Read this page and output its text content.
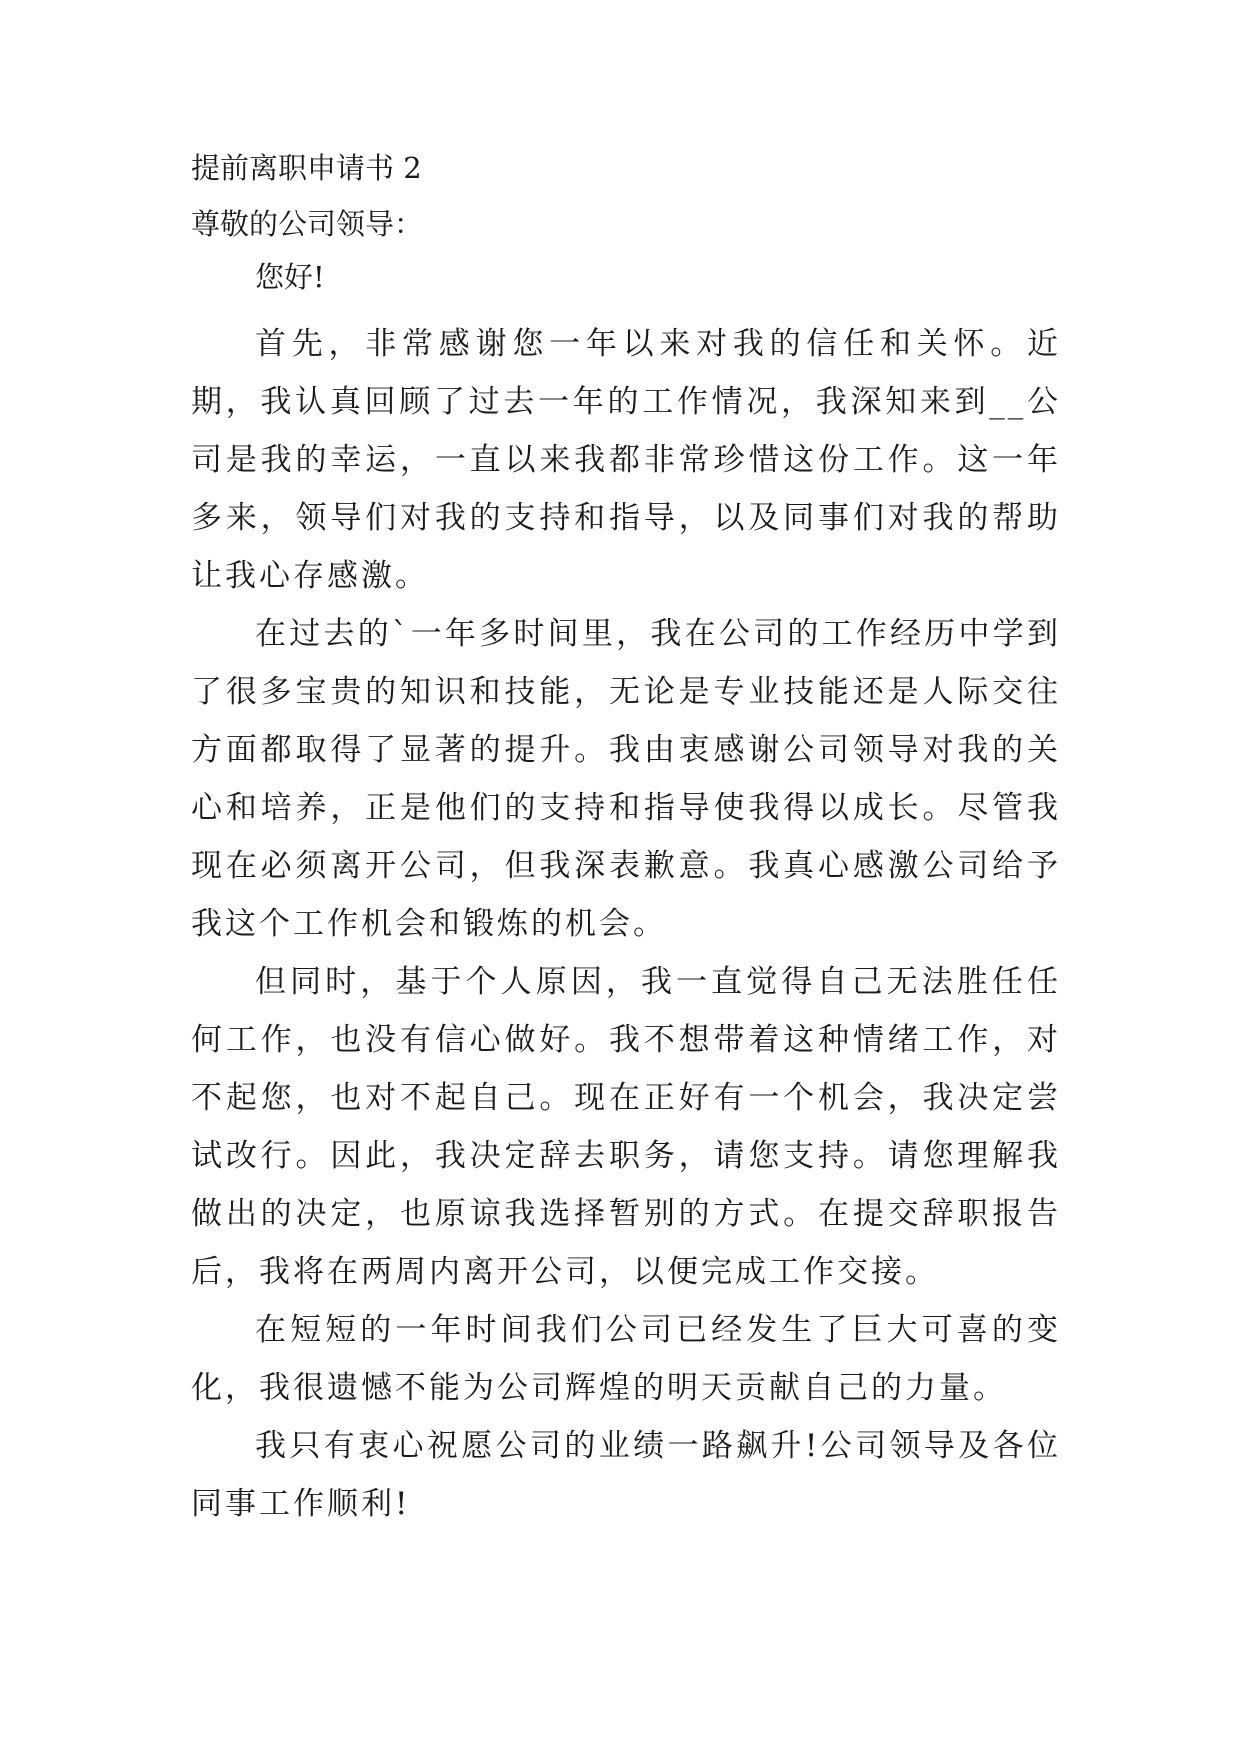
提前离职申请书 2
尊敬的公司领导：
您好!

首先，非常感谢您一年以来对我的信任和关怀。近期，我认真回顾了过去一年的工作情况，我深知来到__公司是我的幸运，一直以来我都非常珍惜这份工作。这一年多来，领导们对我的支持和指导，以及同事们对我的帮助让我心存感激。

在过去的`一年多时间里，我在公司的工作经历中学到了很多宝贵的知识和技能，无论是专业技能还是人际交往方面都取得了显著的提升。我由衷感谢公司领导对我的关心和培养，正是他们的支持和指导使我得以成长。尽管我现在必须离开公司，但我深表歉意。我真心感激公司给予我这个工作机会和锻炼的机会。

但同时，基于个人原因，我一直觉得自己无法胜任任何工作，也没有信心做好。我不想带着这种情绪工作，对不起您，也对不起自己。现在正好有一个机会，我决定尝试改行。因此，我决定辞去职务，请您支持。请您理解我做出的决定，也原谅我选择暂别的方式。在提交辞职报告后，我将在两周内离开公司，以便完成工作交接。

在短短的一年时间我们公司已经发生了巨大可喜的变化，我很遗憾不能为公司辉煌的明天贡献自己的力量。

我只有衷心祝愿公司的业绩一路飙升!公司领导及各位同事工作顺利!
